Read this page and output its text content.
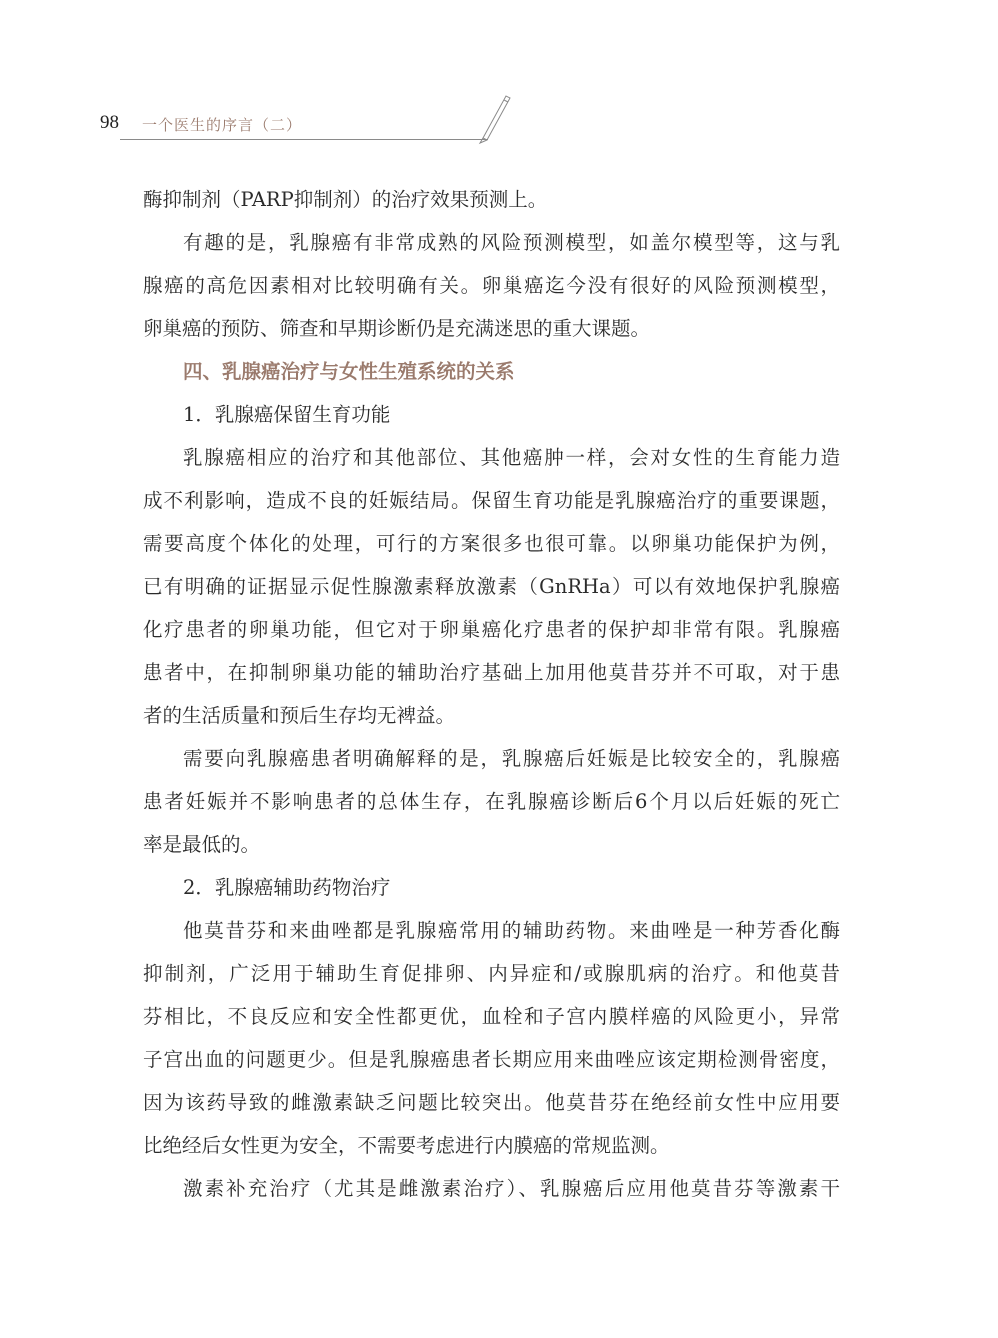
98 一个医生的序言（二）
酶抑制剂（PARP抑制剂）的治疗效果预测上。
有趣的是，乳腺癌有非常成熟的风险预测模型，如盖尔模型等，这与乳
腺癌的高危因素相对比较明确有关。卵巢癌迄今没有很好的风险预测模型，
卵巢癌的预防、筛查和早期诊断仍是充满迷思的重大课题。
四、乳腺癌治疗与女性生殖系统的关系
1．乳腺癌保留生育功能
乳腺癌相应的治疗和其他部位、其他癌肿一样，会对女性的生育能力造
成不利影响，造成不良的妊娠结局。保留生育功能是乳腺癌治疗的重要课题，
需要高度个体化的处理，可行的方案很多也很可靠。以卵巢功能保护为例，
已有明确的证据显示促性腺激素释放激素（GnRHa）可以有效地保护乳腺癌
化疗患者的卵巢功能，但它对于卵巢癌化疗患者的保护却非常有限。乳腺癌
患者中，在抑制卵巢功能的辅助治疗基础上加用他莫昔芬并不可取，对于患
者的生活质量和预后生存均无裨益。
需要向乳腺癌患者明确解释的是，乳腺癌后妊娠是比较安全的，乳腺癌
患者妊娠并不影响患者的总体生存，在乳腺癌诊断后6个月以后妊娠的死亡
率是最低的。
2．乳腺癌辅助药物治疗
他莫昔芬和来曲唑都是乳腺癌常用的辅助药物。来曲唑是一种芳香化酶
抑制剂，广泛用于辅助生育促排卵、内异症和/或腺肌病的治疗。和他莫昔
芬相比，不良反应和安全性都更优，血栓和子宫内膜样癌的风险更小，异常
子宫出血的问题更少。但是乳腺癌患者长期应用来曲唑应该定期检测骨密度，
因为该药导致的雌激素缺乏问题比较突出。他莫昔芬在绝经前女性中应用要
比绝经后女性更为安全，不需要考虑进行内膜癌的常规监测。
激素补充治疗（尤其是雌激素治疗）、乳腺癌后应用他莫昔芬等激素干
